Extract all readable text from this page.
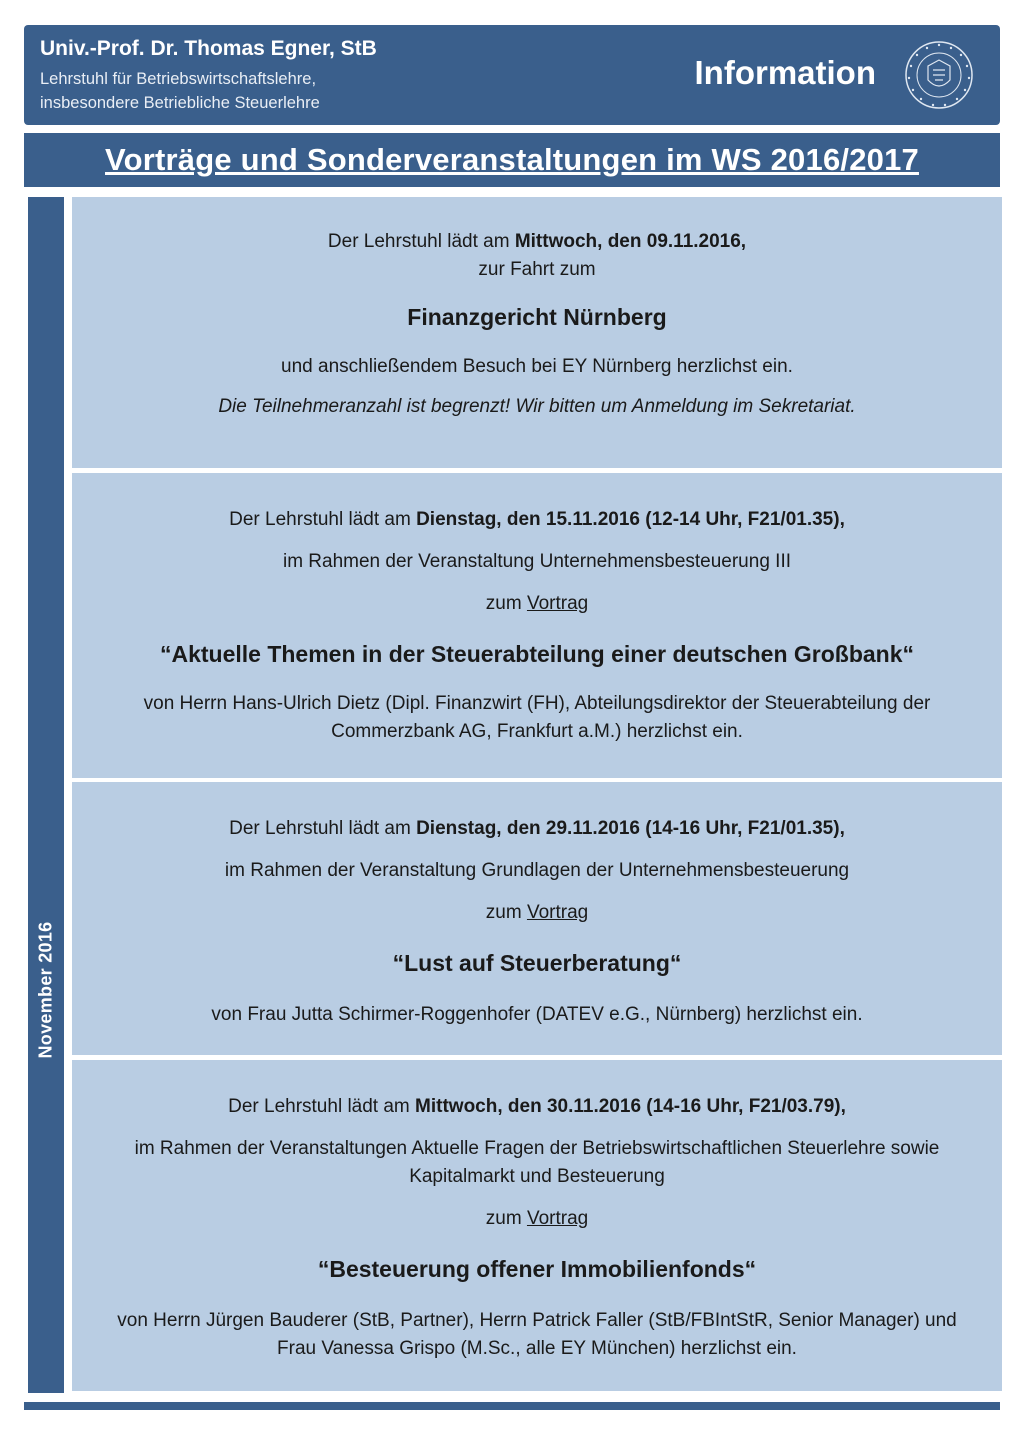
Univ.-Prof. Dr. Thomas Egner, StB
Lehrstuhl für Betriebswirtschaftslehre,
insbesondere Betriebliche Steuerlehre
Information
Vorträge und Sonderveranstaltungen im WS 2016/2017
November 2016

Der Lehrstuhl lädt am Mittwoch, den 09.11.2016,

zur Fahrt zum

Finanzgericht Nürnberg

und anschließendem Besuch bei EY Nürnberg herzlichst ein.

Die Teilnehmeranzahl ist begrenzt! Wir bitten um Anmeldung im Sekretariat.

Der Lehrstuhl lädt am Dienstag, den 15.11.2016 (12-14 Uhr, F21/01.35),

im Rahmen der Veranstaltung Unternehmensbesteuerung III

zum Vortrag

“Aktuelle Themen in der Steuerabteilung einer deutschen Großbank“

von Herrn Hans-Ulrich Dietz (Dipl. Finanzwirt (FH), Abteilungsdirektor der Steuerabteilung der Commerzbank AG, Frankfurt a.M.) herzlichst ein.

Der Lehrstuhl lädt am Dienstag, den 29.11.2016 (14-16 Uhr, F21/01.35),

im Rahmen der Veranstaltung Grundlagen der Unternehmensbesteuerung

zum Vortrag

“Lust auf Steuerberatung“

von Frau Jutta Schirmer-Roggenhofer (DATEV e.G., Nürnberg) herzlichst ein.

Der Lehrstuhl lädt am Mittwoch, den 30.11.2016 (14-16 Uhr, F21/03.79),

im Rahmen der Veranstaltungen Aktuelle Fragen der Betriebswirtschaftlichen Steuerlehre sowie Kapitalmarkt und Besteuerung

zum Vortrag

“Besteuerung offener Immobilienfonds“

von Herrn Jürgen Bauderer (StB, Partner), Herrn Patrick Faller (StB/FBIntStR, Senior Manager) und Frau Vanessa Grispo (M.Sc., alle EY München) herzlichst ein.
